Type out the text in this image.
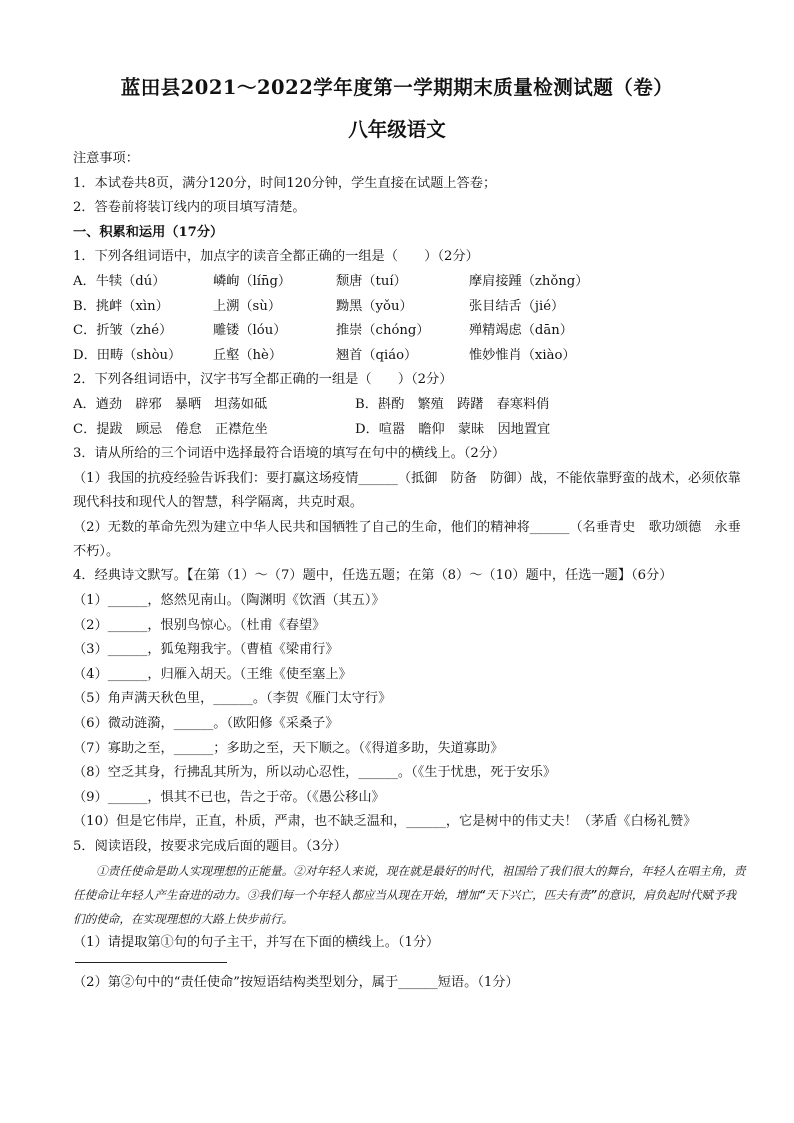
蓝田县2021～2022学年度第一学期期末质量检测试题（卷）
八年级语文
注意事项：
1．本试卷共8页，满分120分，时间120分钟，学生直接在试题上答卷；
2．答卷前将装订线内的项目填写清楚。
一、积累和运用（17分）
1．下列各组词语中，加点字的读音全都正确的一组是（　　）（2分）
A．牛犊（dú）	嶙峋（lín̄g）	颓唐（tuí）	摩肩接踵（zhǒng）
B．挑衅（xìn）	上溯（sù）	黝黑（yǒu）	张目结舌（jié）
C．折皱（zhé）	雕镂（lóu）	推崇（chóng）	殚精竭虑（dān）
D．田畴（shòu）	丘壑（hè）	翘首（qiáo）	惟妙惟肖（xiào）
2．下列各组词语中，汉字书写全都正确的一组是（　　）（2分）
A．遒劲　辟邪　暴晒　坦荡如砥	B．斟酌　繁殖　踌躇　春寒料俏
C．提跋　顾忌　倦怠　正襟危坐	D．喧嚣　瞻仰　蒙昧　因地置宜
3．请从所给的三个词语中选择最符合语境的填写在句中的横线上。（2分）
（1）我国的抗疫经验告诉我们：要打赢这场疫情______（抵御　防备　防御）战，不能依靠野蛮的战术，必须依靠现代科技和现代人的智慧，科学隔离，共克时艰。
（2）无数的革命先烈为建立中华人民共和国牺牲了自己的生命，他们的精神将______（名垂青史　歌功颂德　永垂不朽）。
4．经典诗文默写。【在第（1）～（7）题中，任选五题；在第（8）～（10）题中，任选一题】（6分）
（1）______，悠然见南山。（陶渊明《饮酒（其五）》
（2）______，恨别鸟惊心。（杜甫《春望》
（3）______，狐兔翔我宇。（曹植《梁甫行》
（4）______，归雁入胡天。（王维《使至塞上》
（5）角声满天秋色里，______。（李贺《雁门太守行》
（6）微动涟漪，______。（欧阳修《采桑子》
（7）寡助之至，______；多助之至，天下顺之。（《得道多助，失道寡助》
（8）空乏其身，行拂乱其所为，所以动心忍性，______。（《生于忧患，死于安乐》
（9）______，惧其不已也，告之于帝。（《愚公移山》
（10）但是它伟岸，正直，朴质，严肃，也不缺乏温和，______，它是树中的伟丈夫！（茅盾《白杨礼赞》
5．阅读语段，按要求完成后面的题目。（3分）

①责任使命是助人实现理想的正能量。②对年轻人来说，现在就是最好的时代，祖国给了我们很大的舞台，年轻人在唱主角，责任使命让年轻人产生奋进的动力。③我们每一个年轻人都应当从现在开始，增加“天下兴亡，匹夫有责”的意识，肩负起时代赋予我们的使命，在实现理想的大路上快步前行。

（1）请提取第①句的句子主干，并写在下面的横线上。（1分）
（2）第②句中的“责任使命”按短语结构类型划分，属于______短语。（1分）
